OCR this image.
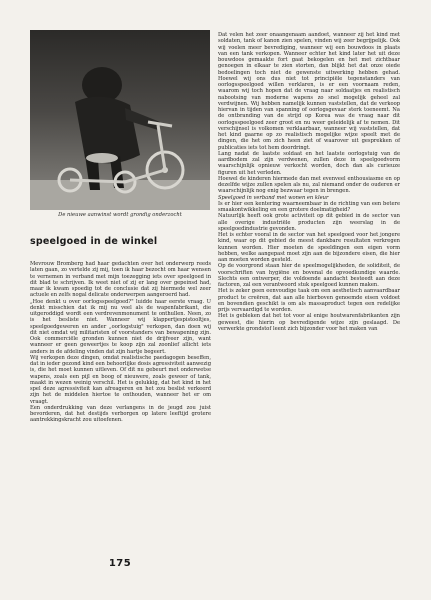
De nieuwe aanwinst wordt grondig onderzocht
speelgoed in de winkel

Mevrouw Bromberg had haar gedachten over het onderwerp reeds laten gaan, zo vertelde zij mij, toen ik haar bezocht om haar wensen te vernemen in verband met mijn toezegging iets over speelgoed in dit blad te schrijven. Ik weet niet of zij er lang over gepeinsd had, maar ik kwam spoedig tot de conclusie dat zij hiermede wel zeer actuele en zelfs nogal delicate onderwerpen aangeroerd had.

„Hoe denkt u over oorlogsspeelgoed?" luidde haar eerste vraag. U denkt misschien dat ik mij nu veel als de wapenfabrikant, die uitgeroddigd wordt een verdrevenmonument te onthullen. Neen, zo is het besliste niet. Wanneer wij klappertjespistooltjes, speelgoedgeweren en ander „oorlogstuig" verkopen, dan doen wij dit niet omdat wij militaristen of voorstanders van bewapening zijn. Ook commerciële gronden kunnen niet de drijfveer zijn, want wanneer er geen geweertjes te koop zijn zal zoonlief allicht iets anders in de afdeling vinden dat zijn hartje begeert.

Wij verkopen deze dingen, omdat realistische paedagogen beseffen, dat in ieder gezond kind een behoorlijke dosis agressiviteit aanwezig is, die het moet kunnen uitleven. Of dit nu gebeurt met onderwetse wapens, zoals een pijl en boog of nieuwere, zoals geweer of tank, maakt in wezen weinig verschil. Het is gelukkig, dat het kind in het spel deze agressiviteit kan afreageren en het zou beslist verkeerd zijn het de middelen hiertoe te onthouden, wanneer het er om vraagt.

Een onderdrukking van deze verlangens in de jeugd zou juist bevorderen, dat het destijds verborgen op latere leeftijd grotere aantrekkingskracht zou uitoefenen.

Dat velen het zeer onaangenaam aandoet, wanneer zij het kind met soldaten, tank of kanon zien spelen, vinden wij zeer begrijpelijk. Ook wij voelen meer bevrediging, wanneer wij een bouwdoos in plaats van een tank verkopen. Wanneer echter het kind later het uit deze bouwdoos gemaakte fort gaat bekogelen en het met zichtbaar genoegen in elkaar te zien storten, dan blijkt het dat onze oiede bedoelingen toch niet de gewenste uitwerking hebben gehad. Hoewel wij ons dus niet tot principiële tegenstanders van oorlogsspeelgoed willen verklaren, is er een voornaam reden, waarom wij toch hopen dat de vraag naar soldaatjes en realistisch nabootsing van moderne wapens zo snel mogelijk geheel zal verdwijnen. Wij hebben namelijk kunnen vaststellen, dat de verkoop hiervan in tijden van spanning of oorlogsgevaar sterk toeneemt. Na de ontbranding van de strijd op Korea was de vraag naar dit oorlogsspeelgoed zeer groot en nu weer geleidelijk af te nemen. Dit verschijnsel is volkomen verklaarbaar, wanneer wij vaststellen, dat het kind gaarne op zo realistisch mogelijke wijze speelt met de dingen, die het om zich heen ziet of waarover uit gesprekken of publicaties iets tot hem doordringt.

Lang nadat de laatste soldaat en het laatste oorlogstuig van de aardbodem zal zijn verdwenen, zullen deze in speelgoedvorm waarschijnlijk opnieuw verkocht worden, doch dan als curieuze figuren uit het verleden.

Hoewel de kinderen hiermede dan met evenveel enthousiasme en op dezelfde wijze zullen spelen als nu, zal niemand onder de ouderen er waarschijnlijk nog enig bezwaar tegen in brengen.

Speelgoed in verband met wonen en kleur

Is er hier een kentering waarneembaar in de richting van een betere smaakontwikkeling en een grotere doelmatigheid?

Natuurlijk heeft ook grote activiteit op dit gebied in de sector van alle overige industriële producten zijn weerslag in de speelgoedindustrie gevonden.

Het is echter vooral in de sector van het speelgoed voor het jongere kind, waar op dit gebied de meest dankbare resultaten verkregen kunnen worden. Hier moeten de speeldingen een eigen vorm hebben, welke aangepast moet zijn aan de bijzondere eisen, die hier aan moeten worden gesteld.

Op de voorgrond staan hier de speelmogelijkheden, de soliditeit, de voorschriften van hygiëne en bovenal de opvoedkundige waarde. Slechts een ontwerper, die voldoende aandacht besteedt aan deze factoren, zal een verantwoord stuk speelgoed kunnen maken.

Het is zeker geen eenvoudige taak om een aesthetisch aanvaardbaar product te creëren, dat aan alle hierboven genoemde eisen voldoet en bovendien geschikt is om als massaproduct tegen een redelijke prijs vervaardigd te worden.

Het is gebleken dat het tot voor al enige houtwarenfabrikanten zijn geweest, die hierin op bevredigende wijze zijn geslaagd. De verwerkte grondstof leent zich bijzonder voor het maken van

175
